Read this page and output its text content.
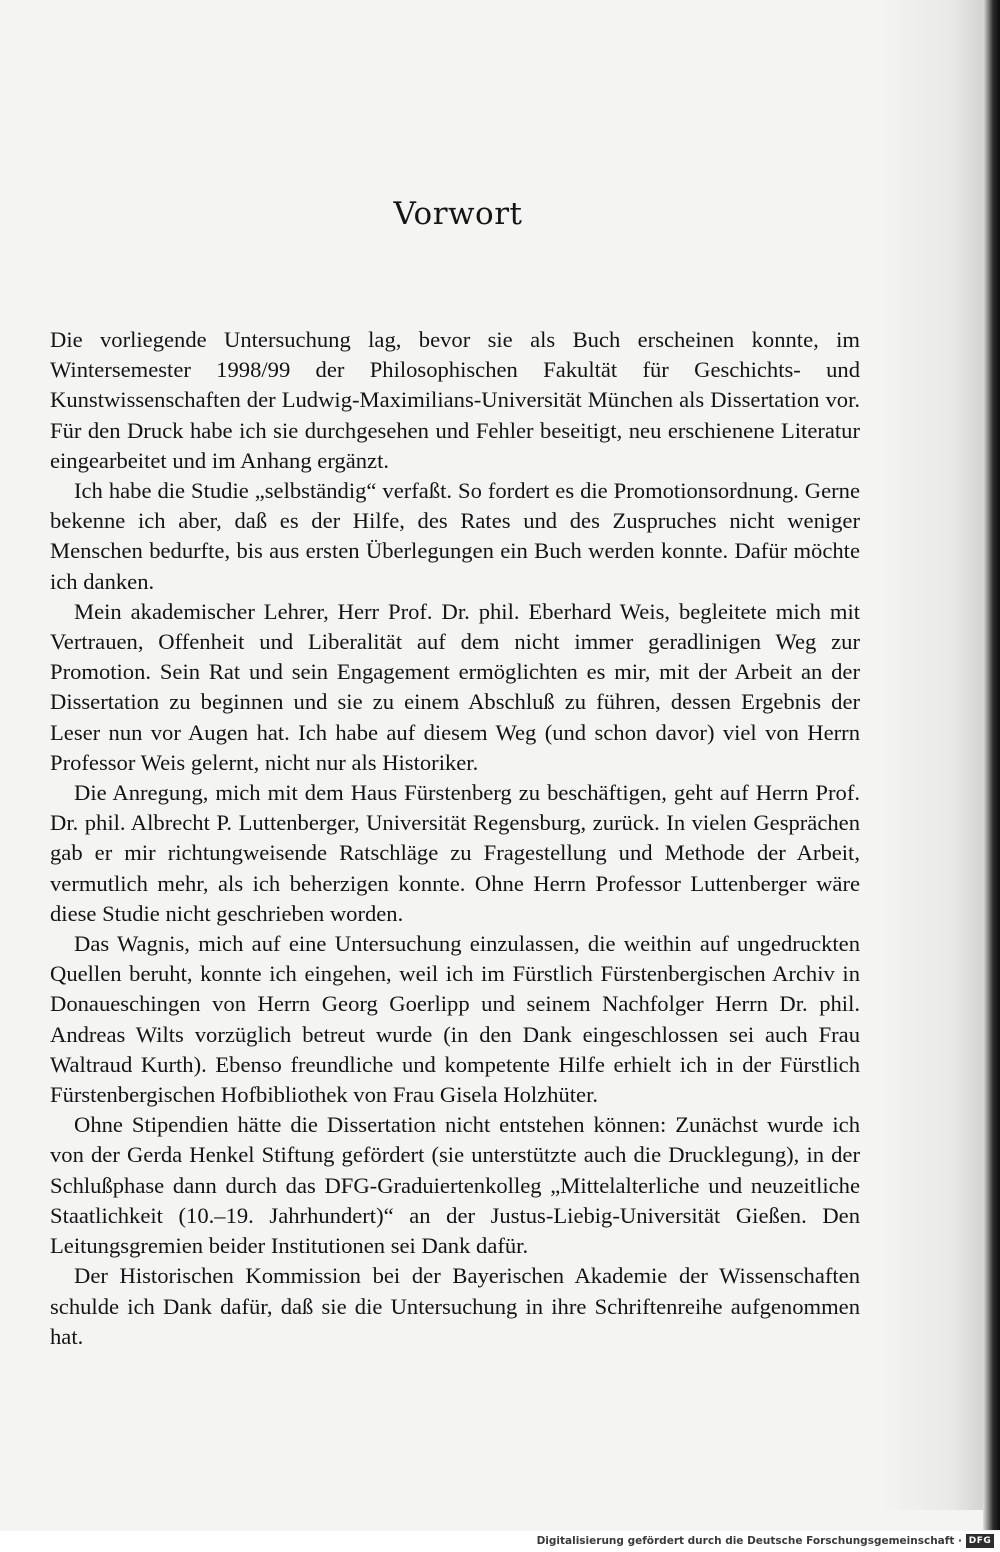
Vorwort

Die vorliegende Untersuchung lag, bevor sie als Buch erscheinen konnte, im Wintersemester 1998/99 der Philosophischen Fakultät für Geschichts- und Kunstwissenschaften der Ludwig-Maximilians-Universität München als Dissertation vor. Für den Druck habe ich sie durchgesehen und Fehler beseitigt, neu erschienene Literatur eingearbeitet und im Anhang ergänzt.

Ich habe die Studie „selbständig“ verfaßt. So fordert es die Promotionsordnung. Gerne bekenne ich aber, daß es der Hilfe, des Rates und des Zuspruches nicht weniger Menschen bedurfte, bis aus ersten Überlegungen ein Buch werden konnte. Dafür möchte ich danken.

Mein akademischer Lehrer, Herr Prof. Dr. phil. Eberhard Weis, begleitete mich mit Vertrauen, Offenheit und Liberalität auf dem nicht immer geradlinigen Weg zur Promotion. Sein Rat und sein Engagement ermöglichten es mir, mit der Arbeit an der Dissertation zu beginnen und sie zu einem Abschluß zu führen, dessen Ergebnis der Leser nun vor Augen hat. Ich habe auf diesem Weg (und schon davor) viel von Herrn Professor Weis gelernt, nicht nur als Historiker.

Die Anregung, mich mit dem Haus Fürstenberg zu beschäftigen, geht auf Herrn Prof. Dr. phil. Albrecht P. Luttenberger, Universität Regensburg, zurück. In vielen Gesprächen gab er mir richtungweisende Ratschläge zu Fragestellung und Methode der Arbeit, vermutlich mehr, als ich beherzigen konnte. Ohne Herrn Professor Luttenberger wäre diese Studie nicht geschrieben worden.

Das Wagnis, mich auf eine Untersuchung einzulassen, die weithin auf ungedruckten Quellen beruht, konnte ich eingehen, weil ich im Fürstlich Fürstenbergischen Archiv in Donaueschingen von Herrn Georg Goerlipp und seinem Nachfolger Herrn Dr. phil. Andreas Wilts vorzüglich betreut wurde (in den Dank eingeschlossen sei auch Frau Waltraud Kurth). Ebenso freundliche und kompetente Hilfe erhielt ich in der Fürstlich Fürstenbergischen Hofbibliothek von Frau Gisela Holzhüter.

Ohne Stipendien hätte die Dissertation nicht entstehen können: Zunächst wurde ich von der Gerda Henkel Stiftung gefördert (sie unterstützte auch die Drucklegung), in der Schlußphase dann durch das DFG-Graduiertenkolleg „Mittelalterliche und neuzeitliche Staatlichkeit (10.–19. Jahrhundert)“ an der Justus-Liebig-Universität Gießen. Den Leitungsgremien beider Institutionen sei Dank dafür.

Der Historischen Kommission bei der Bayerischen Akademie der Wissenschaften schulde ich Dank dafür, daß sie die Untersuchung in ihre Schriftenreihe aufgenommen hat.

Digitalisierung gefördert durch die Deutsche Forschungsgemeinschaft · DFG
